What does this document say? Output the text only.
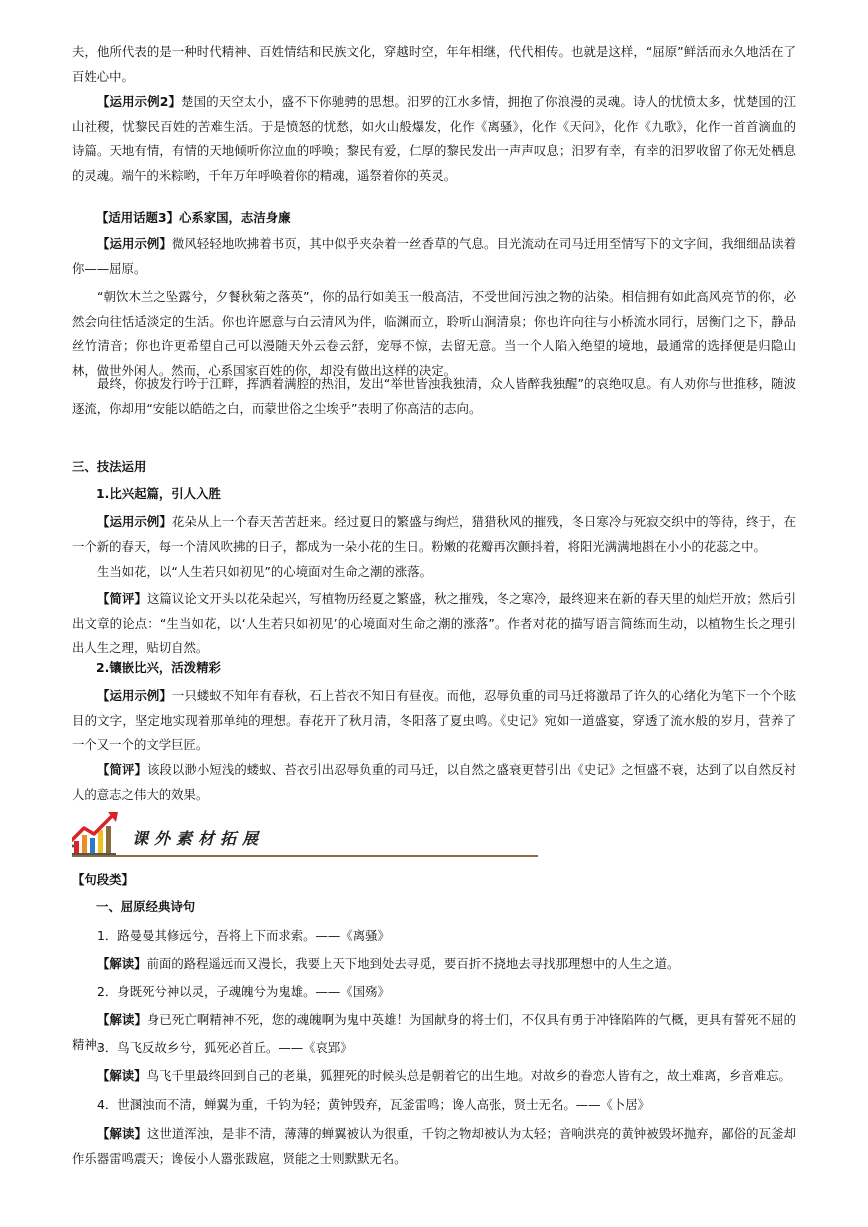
夫，他所代表的是一种时代精神、百姓情结和民族文化，穿越时空，年年相继，代代相传。也就是这样，“屈原”鲜活而永久地活在了百姓心中。

【运用示例2】楚国的天空太小，盛不下你驰骋的思想。汨罗的江水多情，拥抱了你浪漫的灵魂。诗人的忧愤太多，忧楚国的江山社稷，忧黎民百姓的苦难生活。于是愤怒的忧愁，如火山般爆发，化作《离骚》，化作《天问》，化作《九歌》，化作一首首滴血的诗篇。天地有情，有情的天地倾听你泣血的呼唤；黎民有爱，仁厚的黎民发出一声声叹息；汨罗有幸，有幸的汨罗收留了你无处栖息的灵魂。端午的米粽哟，千年万年呼唤着你的精魂，遥祭着你的英灵。

【适用话题3】心系家国，志洁身廉

【运用示例】微风轻轻地吹拂着书页，其中似乎夹杂着一丝香草的气息。目光流动在司马迁用至情写下的文字间，我细细品读着你——屈原。

“朝饮木兰之坠露兮，夕餐秋菊之落英”，你的品行如美玉一般高洁，不受世间污浊之物的沾染。相信拥有如此高风亮节的你，必然会向往恬适淡定的生活。你也许愿意与白云清风为伴，临渊而立，聆听山涧清泉；你也许向往与小桥流水同行，居衡门之下，静品丝竹清音；你也许更希望自己可以漫随天外云卷云舒，宠辱不惊，去留无意。当一个人陷入绝望的境地，最通常的选择便是归隐山林，做世外闲人。然而，心系国家百姓的你，却没有做出这样的决定。

最终，你披发行吟于江畔，挥洒着满腔的热泪，发出“举世皆浊我独清，众人皆醉我独醒”的哀绝叹息。有人劝你与世推移，随波逐流，你却用“安能以皓皓之白，而蒙世俗之尘埃乎”表明了你高洁的志向。

三、技法运用

1.比兴起篇，引人入胜

【运用示例】花朵从上一个春天苦苦赶来。经过夏日的繁盛与绚烂，猎猎秋风的摧残，冬日寒冷与死寂交织中的等待，终于，在一个新的春天，每一个清风吹拂的日子，都成为一朵小花的生日。粉嫩的花瓣再次颤抖着，将阳光满满地斟在小小的花蕊之中。

生当如花，以“人生若只如初见”的心境面对生命之潮的涨落。

【简评】这篇议论文开头以花朵起兴，写植物历经夏之繁盛，秋之摧残，冬之寒冷，最终迎来在新的春天里的灿烂开放；然后引出文章的论点：“生当如花，以‘人生若只如初见’的心境面对生命之潮的涨落”。作者对花的描写语言简练而生动，以植物生长之理引出人生之理，贴切自然。

2.镶嵌比兴，活泼精彩

【运用示例】一只蝼蚁不知年有春秋，石上苔衣不知日有昼夜。而他，忍辱负重的司马迁将激昂了许久的心绪化为笔下一个个眩目的文字，坚定地实现着那单纯的理想。春花开了秋月清，冬阳落了夏虫鸣。《史记》宛如一道盛宴，穿透了流水般的岁月，营养了一个又一个的文学巨匠。

【简评】该段以渺小短浅的蝼蚁、苔衣引出忍辱负重的司马迁，以自然之盛衰更替引出《史记》之恒盛不衰，达到了以自然反衬人的意志之伟大的效果。

课外素材拓展

【句段类】

一、屈原经典诗句

1．路曼曼其修远兮，吾将上下而求索。——《离骚》

【解读】前面的路程遥远而又漫长，我要上天下地到处去寻觅，要百折不挠地去寻找那理想中的人生之道。

2．身既死兮神以灵，子魂魄兮为鬼雄。——《国殇》

【解读】身已死亡啊精神不死，您的魂魄啊为鬼中英雄！为国献身的将士们，不仅具有勇于冲锋陷阵的气概，更具有誓死不屈的精神。

3．鸟飞反故乡兮，狐死必首丘。——《哀郢》

【解读】鸟飞千里最终回到自己的老巢，狐狸死的时候头总是朝着它的出生地。对故乡的眷恋人皆有之，故土难离，乡音难忘。

4．世溷浊而不清，蝉翼为重，千钧为轻；黄钟毁弃，瓦釜雷鸣；谗人高张，贤士无名。——《卜居》

【解读】这世道浑浊，是非不清，薄薄的蝉翼被认为很重，千钧之物却被认为太轻；音响洪亮的黄钟被毁坏抛弃，鄙俗的瓦釜却作乐器雷鸣震天；谗佞小人嚣张跋扈，贤能之士则默默无名。
